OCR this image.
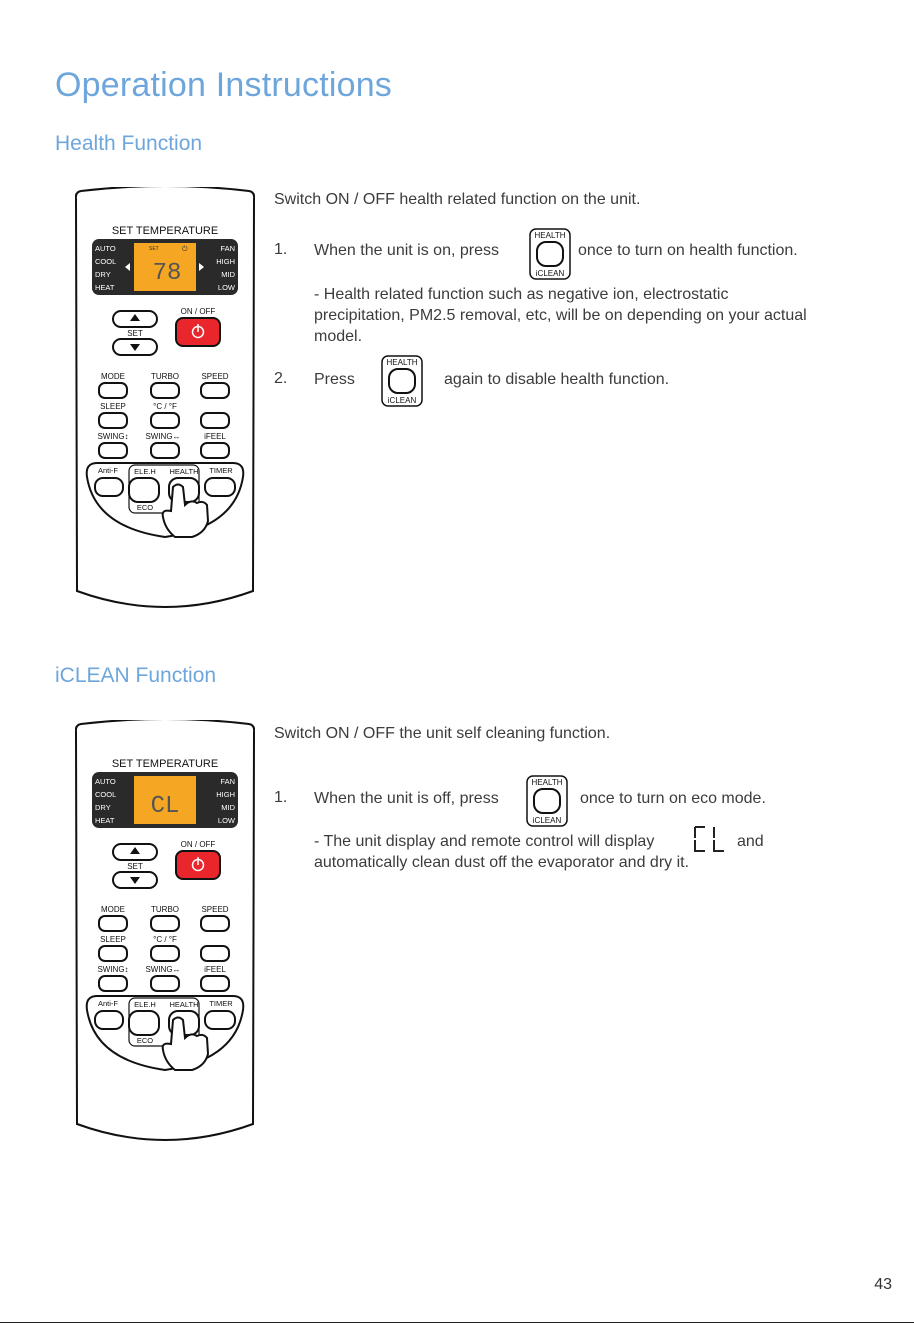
Operation Instructions
Health Function
SET TEMPERATURE
AUTO
COOL
DRY
HEAT
FAN
HIGH
MID
LOW
SET	⏻
78
SET
ON / OFF
MODE	TURBO	SPEED
SLEEP	°C / °F
SWING↕ SWING↔	iFEEL
Anti-F ELE.H HEALTH TIMER
ECO
Switch ON / OFF health related function on the unit.
1. When the unit is on, press
HEALTH
iCLEAN
once to turn on health function.
- Health related function such as negative ion, electrostatic
precipitation, PM2.5 removal, etc, will be on depending on your actual
model.
2. Press
HEALTH
iCLEAN
again to disable health function.
iCLEAN Function
SET TEMPERATURE
AUTO
COOL
DRY
HEAT
FAN
HIGH
MID
LOW
CL
SET
ON / OFF
MODE	TURBO	SPEED
SLEEP	°C / °F
SWING↕ SWING↔	iFEEL
Anti-F ELE.H HEALTH TIMER
ECO
Switch ON / OFF the unit self cleaning function.
1. When the unit is off, press
HEALTH
iCLEAN
once to turn on eco mode.
- The unit display and remote control will display	and
automatically clean dust off the evaporator and dry it.
43
